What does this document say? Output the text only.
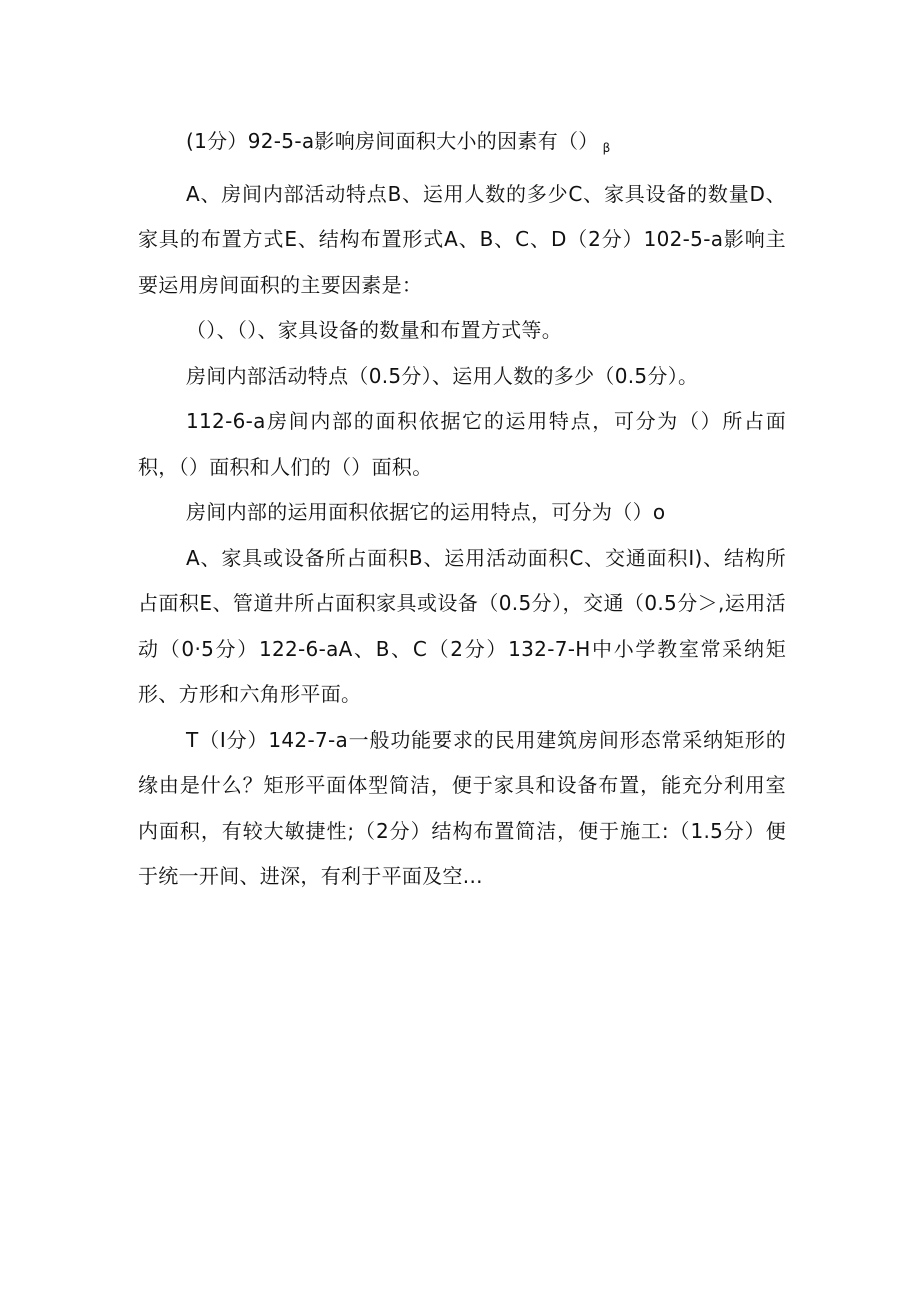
(1分）92-5-a影响房间面积大小的因素有（） $_\beta$

A、房间内部活动特点B、运用人数的多少C、家具设备的数量D、家具的布置方式E、结构布置形式A、B、C、D（2分）102-5-a影响主要运用房间面积的主要因素是：

（）、（）、家具设备的数量和布置方式等。

房间内部活动特点（0.5分）、运用人数的多少（0.5分）。

112-6-a房间内部的面积依据它的运用特点，可分为（）所占面积，（）面积和人们的（）面积。

房间内部的运用面积依据它的运用特点，可分为（）o

A、家具或设备所占面积B、运用活动面积C、交通面积I)、结构所占面积E、管道井所占面积家具或设备（0.5分），交通（0.5分＞,运用活动（0·5分）122-6-aA、B、C（2分）132-7-H中小学教室常采纳矩形、方形和六角形平面。

T（I分）142-7-a一般功能要求的民用建筑房间形态常采纳矩形的缘由是什么？矩形平面体型简洁，便于家具和设备布置，能充分利用室内面积，有较大敏捷性;（2分）结构布置简洁，便于施工:（1.5分）便于统一开间、进深，有利于平面及空...
